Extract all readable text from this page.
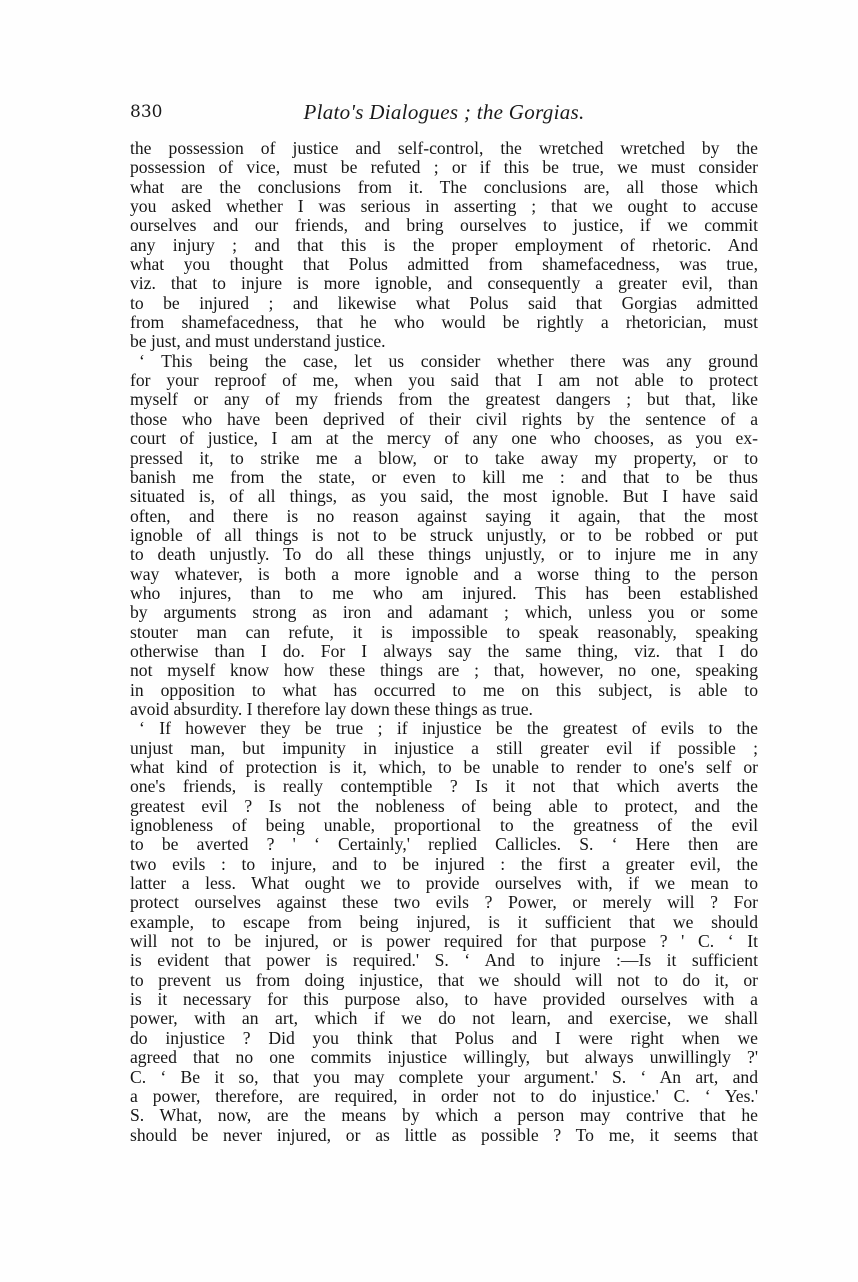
830	Plato's Dialogues ; the Gorgias.
the possession of justice and self-control, the wretched wretched by the
possession of vice, must be refuted ; or if this be true, we must consider
what are the conclusions from it. The conclusions are, all those which
you asked whether I was serious in asserting ; that we ought to accuse
ourselves and our friends, and bring ourselves to justice, if we commit
any injury ; and that this is the proper employment of rhetoric. And
what you thought that Polus admitted from shamefacedness, was true,
viz. that to injure is more ignoble, and consequently a greater evil, than
to be injured ; and likewise what Polus said that Gorgias admitted
from shamefacedness, that he who would be rightly a rhetorician, must
be just, and must understand justice.
‘ This being the case, let us consider whether there was any ground
for your reproof of me, when you said that I am not able to protect
myself or any of my friends from the greatest dangers ; but that, like
those who have been deprived of their civil rights by the sentence of a
court of justice, I am at the mercy of any one who chooses, as you ex-
pressed it, to strike me a blow, or to take away my property, or to
banish me from the state, or even to kill me : and that to be thus
situated is, of all things, as you said, the most ignoble. But I have said
often, and there is no reason against saying it again, that the most
ignoble of all things is not to be struck unjustly, or to be robbed or put
to death unjustly. To do all these things unjustly, or to injure me in any
way whatever, is both a more ignoble and a worse thing to the person
who injures, than to me who am injured. This has been established
by arguments strong as iron and adamant ; which, unless you or some
stouter man can refute, it is impossible to speak reasonably, speaking
otherwise than I do. For I always say the same thing, viz. that I do
not myself know how these things are ; that, however, no one, speaking
in opposition to what has occurred to me on this subject, is able to
avoid absurdity. I therefore lay down these things as true.
‘ If however they be true ; if injustice be the greatest of evils to the
unjust man, but impunity in injustice a still greater evil if possible ;
what kind of protection is it, which, to be unable to render to one's self or
one's friends, is really contemptible ? Is it not that which averts the
greatest evil ? Is not the nobleness of being able to protect, and the
ignobleness of being unable, proportional to the greatness of the evil
to be averted ? ' ‘ Certainly,' replied Callicles. S. ‘ Here then are
two evils : to injure, and to be injured : the first a greater evil, the
latter a less. What ought we to provide ourselves with, if we mean to
protect ourselves against these two evils ? Power, or merely will ? For
example, to escape from being injured, is it sufficient that we should
will not to be injured, or is power required for that purpose ? ' C. ‘ It
is evident that power is required.' S. ‘ And to injure :—Is it sufficient
to prevent us from doing injustice, that we should will not to do it, or
is it necessary for this purpose also, to have provided ourselves with a
power, with an art, which if we do not learn, and exercise, we shall
do injustice ? Did you think that Polus and I were right when we
agreed that no one commits injustice willingly, but always unwillingly ?'
C. ‘ Be it so, that you may complete your argument.' S. ‘ An art, and
a power, therefore, are required, in order not to do injustice.' C. ‘ Yes.'
S. What, now, are the means by which a person may contrive that he
should be never injured, or as little as possible ? To me, it seems that
